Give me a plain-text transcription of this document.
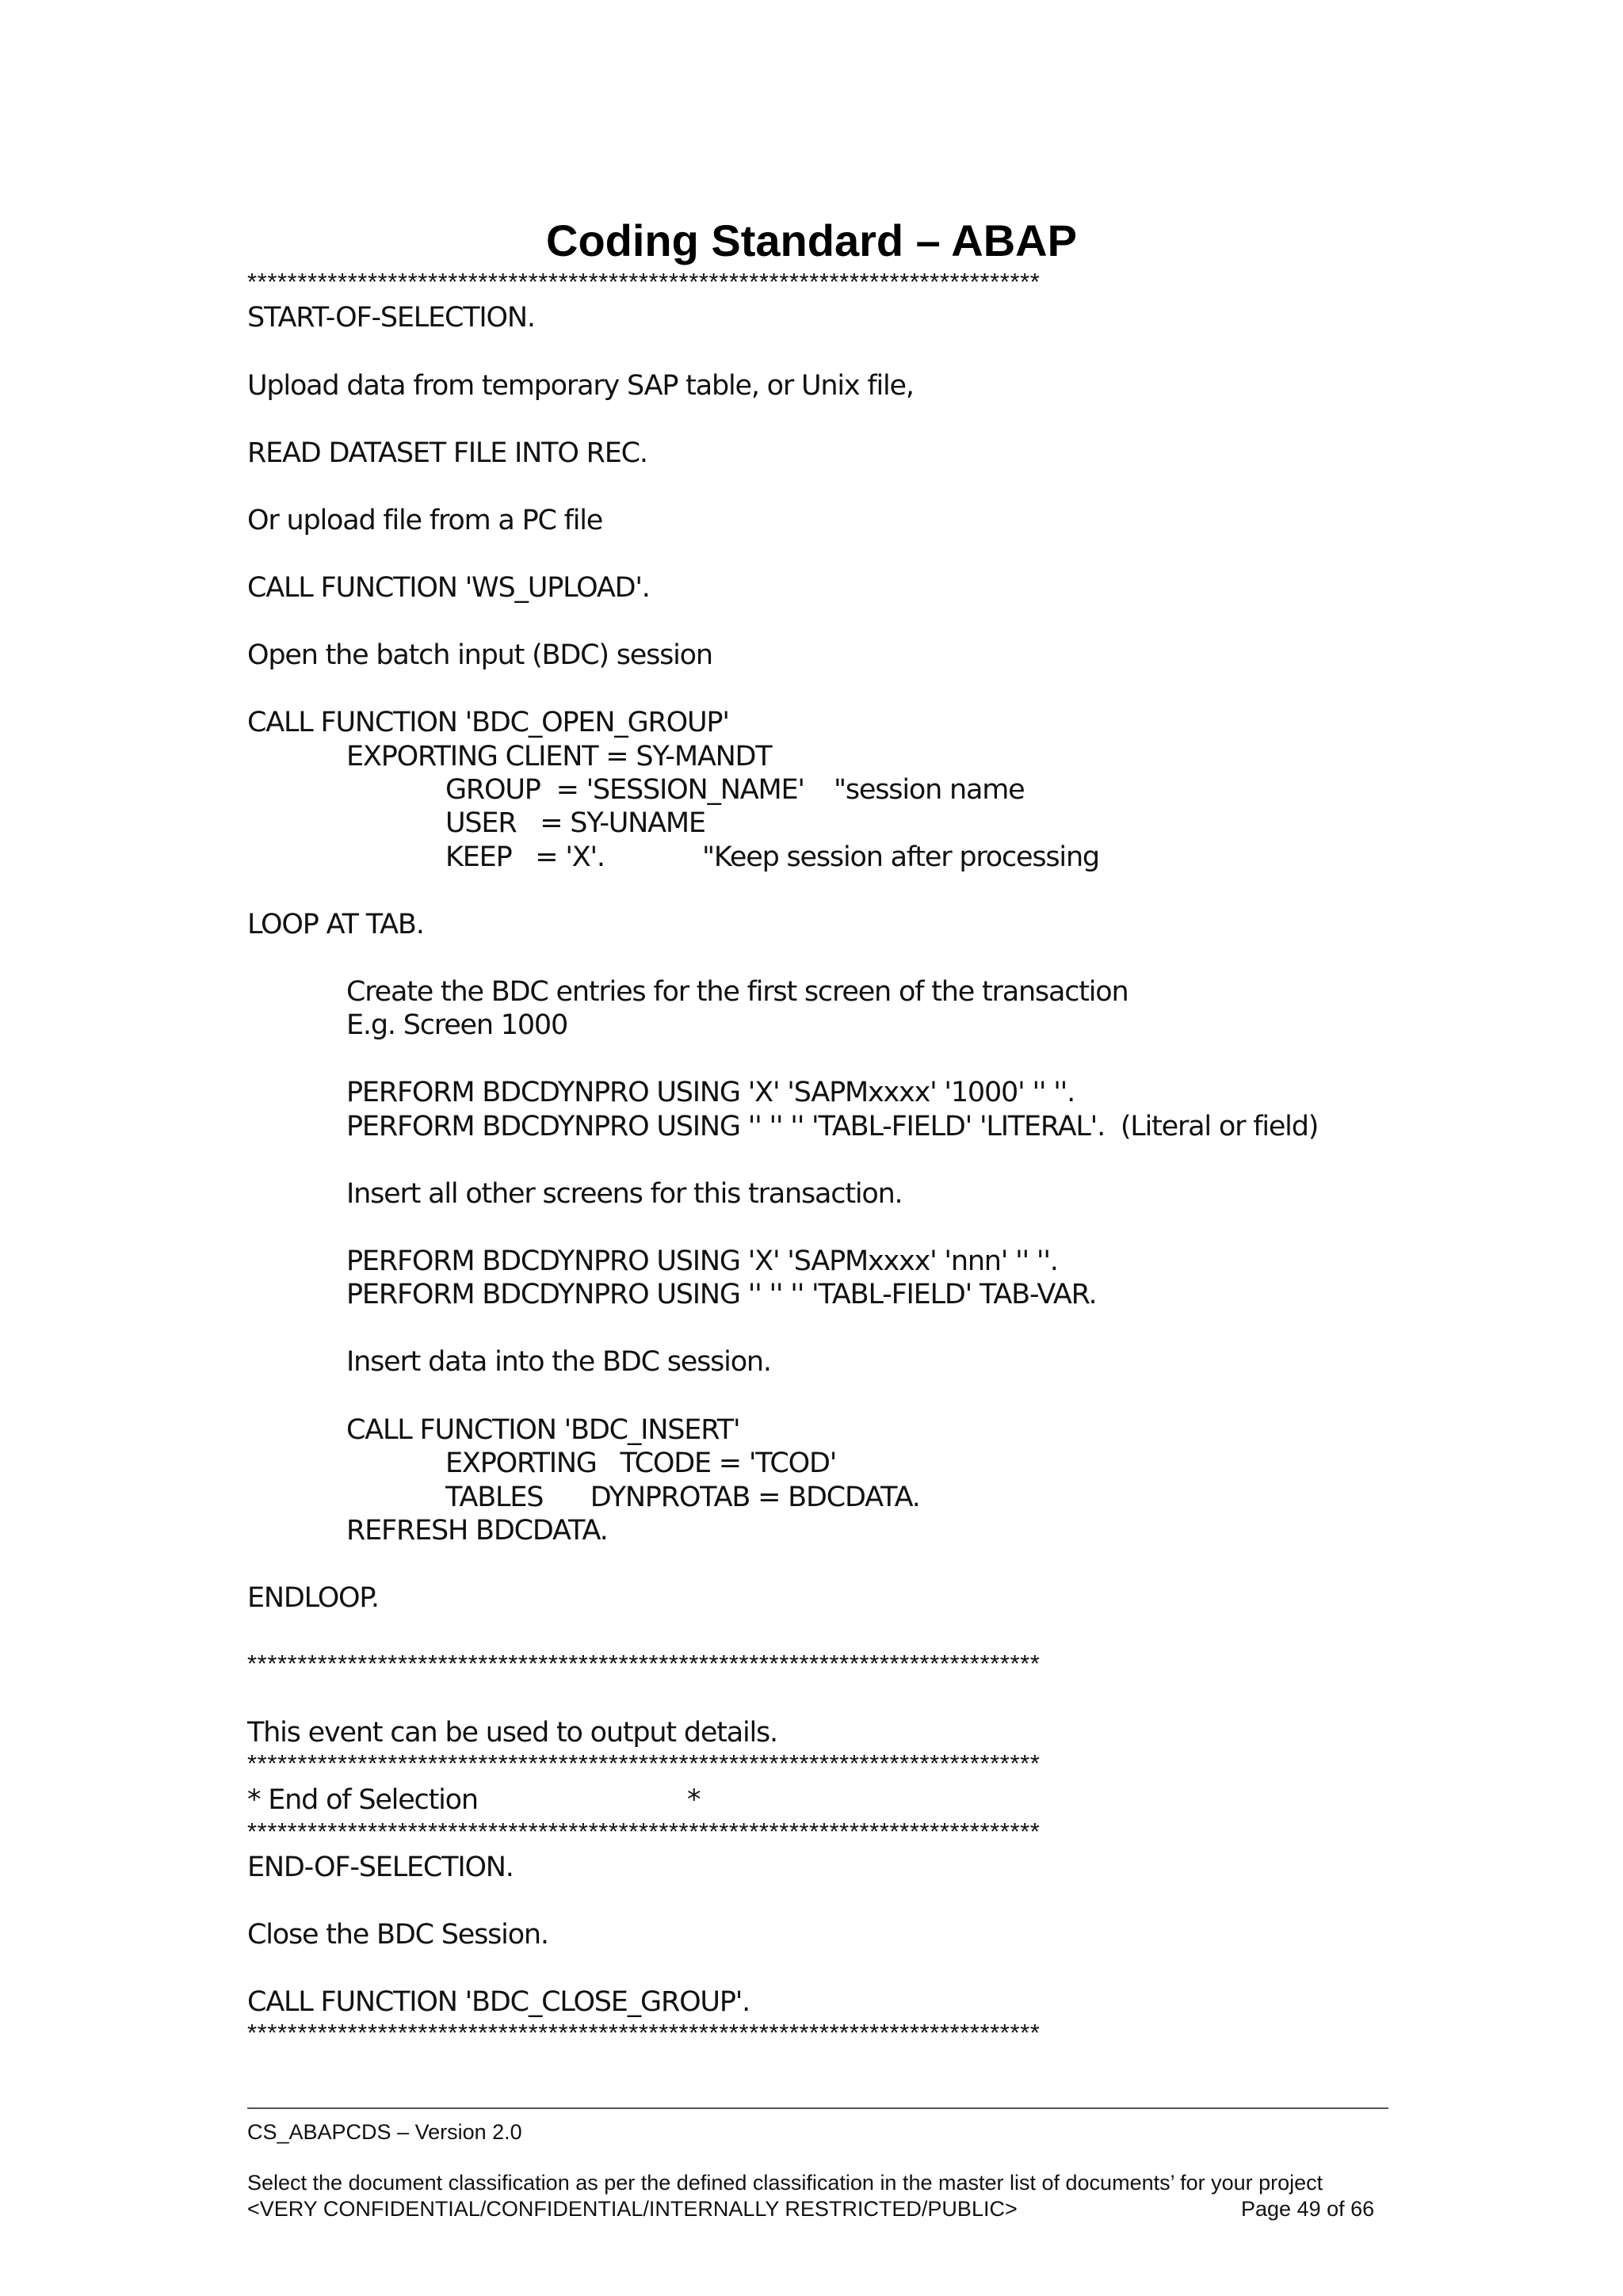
Coding Standard – ABAP
*******************************************************************************
START-OF-SELECTION.
Upload data from temporary SAP table, or Unix file,
READ DATASET FILE INTO REC.
Or upload file from a PC file
CALL FUNCTION 'WS_UPLOAD'.
Open the batch input (BDC) session
CALL FUNCTION 'BDC_OPEN_GROUP'
EXPORTING CLIENT = SY-MANDT
GROUP  = 'SESSION_NAME' "session name
USER   = SY-UNAME
KEEP   = 'X'.	"Keep session after processing
LOOP AT TAB.
Create the BDC entries for the first screen of the transaction
E.g. Screen 1000
PERFORM BDCDYNPRO USING 'X' 'SAPMxxxx' '1000' '' ''.
PERFORM BDCDYNPRO USING '' '' '' 'TABL-FIELD' 'LITERAL'.  (Literal or field)
Insert all other screens for this transaction.
PERFORM BDCDYNPRO USING 'X' 'SAPMxxxx' 'nnn' '' ''.
PERFORM BDCDYNPRO USING '' '' '' 'TABL-FIELD' TAB-VAR.
Insert data into the BDC session.
CALL FUNCTION 'BDC_INSERT'
EXPORTING   TCODE = 'TCOD'
TABLES      DYNPROTAB = BDCDATA.
REFRESH BDCDATA.
ENDLOOP.
*******************************************************************************
This event can be used to output details.
*******************************************************************************
* End of Selection	*
*******************************************************************************
END-OF-SELECTION.
Close the BDC Session.
CALL FUNCTION 'BDC_CLOSE_GROUP'.
*******************************************************************************
CS_ABAPCDS – Version 2.0
Select the document classification as per the defined classification in the master list of documents’ for your project
<VERY CONFIDENTIAL/CONFIDENTIAL/INTERNALLY RESTRICTED/PUBLIC>	Page 49 of 66
